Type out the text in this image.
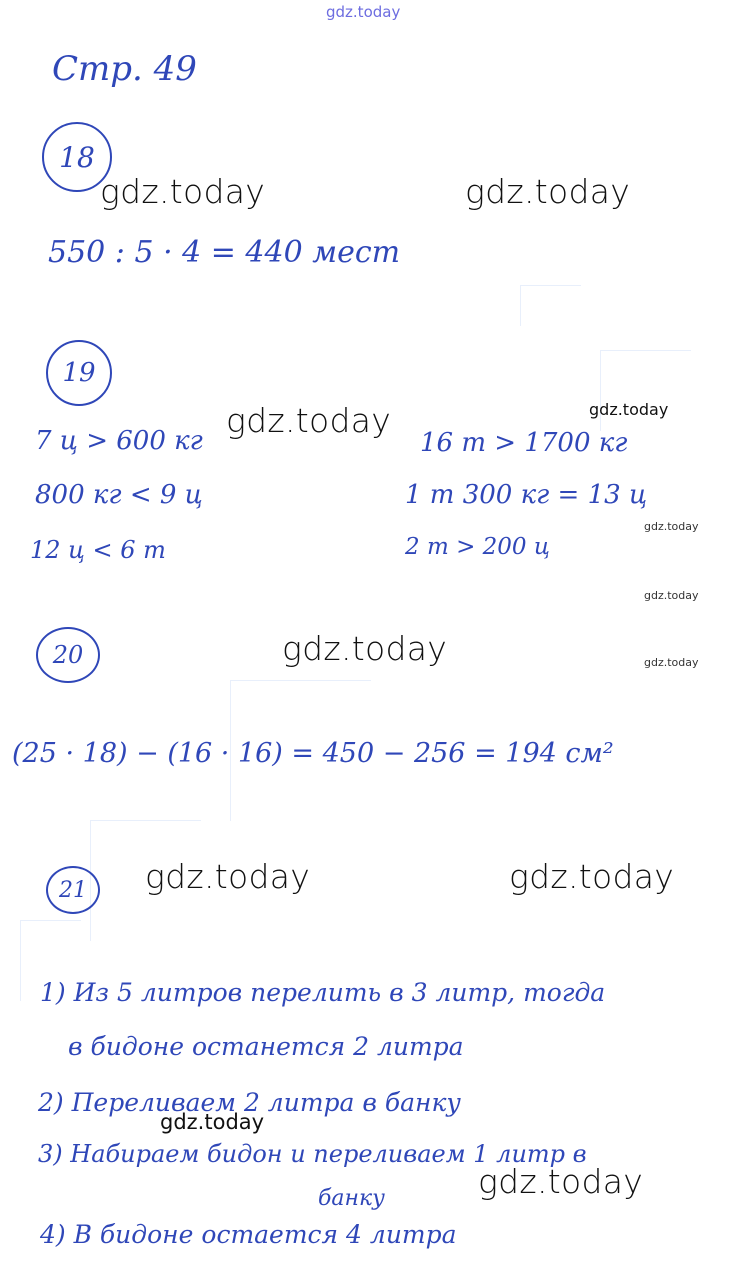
gdz.today
Стр. 49
18
550 : 5 · 4 = 440 мест
19
7 ц > 600 кг
800 кг < 9 ц
12 ц < 6 т
16 т > 1700 кг
1 т 300 кг = 13 ц
2 т > 200 ц
20
(25 · 18) − (16 · 16) = 450 − 256 = 194 см²
21
1) Из 5 литров перелить в 3 литр, тогда
в бидоне останется 2 литра
2) Переливаем 2 литра в банку
3) Набираем бидон и переливаем 1 литр в
банку
4) В бидоне остается 4 литра
gdz.today	gdz.today
gdz.today	gdz.today
gdz.today
gdz.today
gdz.today	gdz.today
gdz.today	gdz.today
gdz.today
gdz.today
